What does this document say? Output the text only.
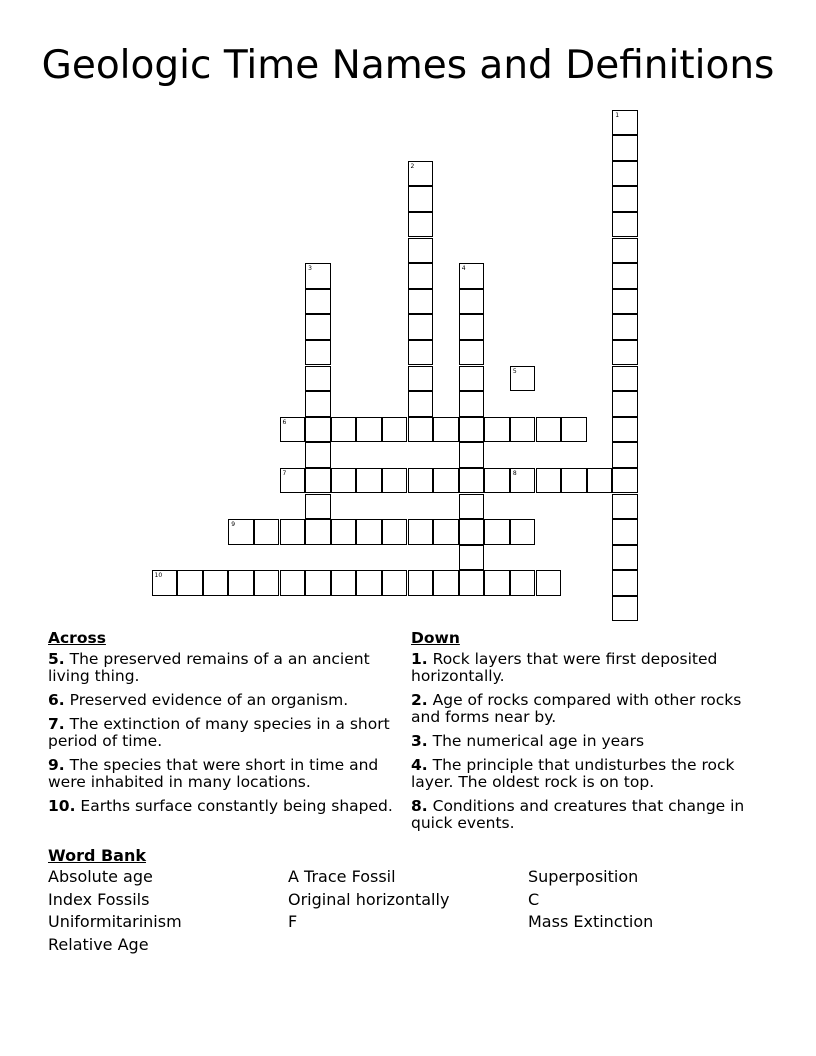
Geologic Time Names and Definitions
1
2
3	4
5
6
7	8
9
10
Across
5. The preserved remains of a an ancient living thing.
6. Preserved evidence of an organism.
7. The extinction of many species in a short period of time.
9. The species that were short in time and were inhabited in many locations.
10. Earths surface constantly being shaped.
Down
1. Rock layers that were first deposited horizontally.
2. Age of rocks compared with other rocks and forms near by.
3. The numerical age in years
4. The principle that undisturbes the rock layer. The oldest rock is on top.
8. Conditions and creatures that change in quick events.
Word Bank
Absolute age	A Trace Fossil	Superposition
Index Fossils	Original horizontally	C
Uniformitarinism	F	Mass Extinction
Relative Age
